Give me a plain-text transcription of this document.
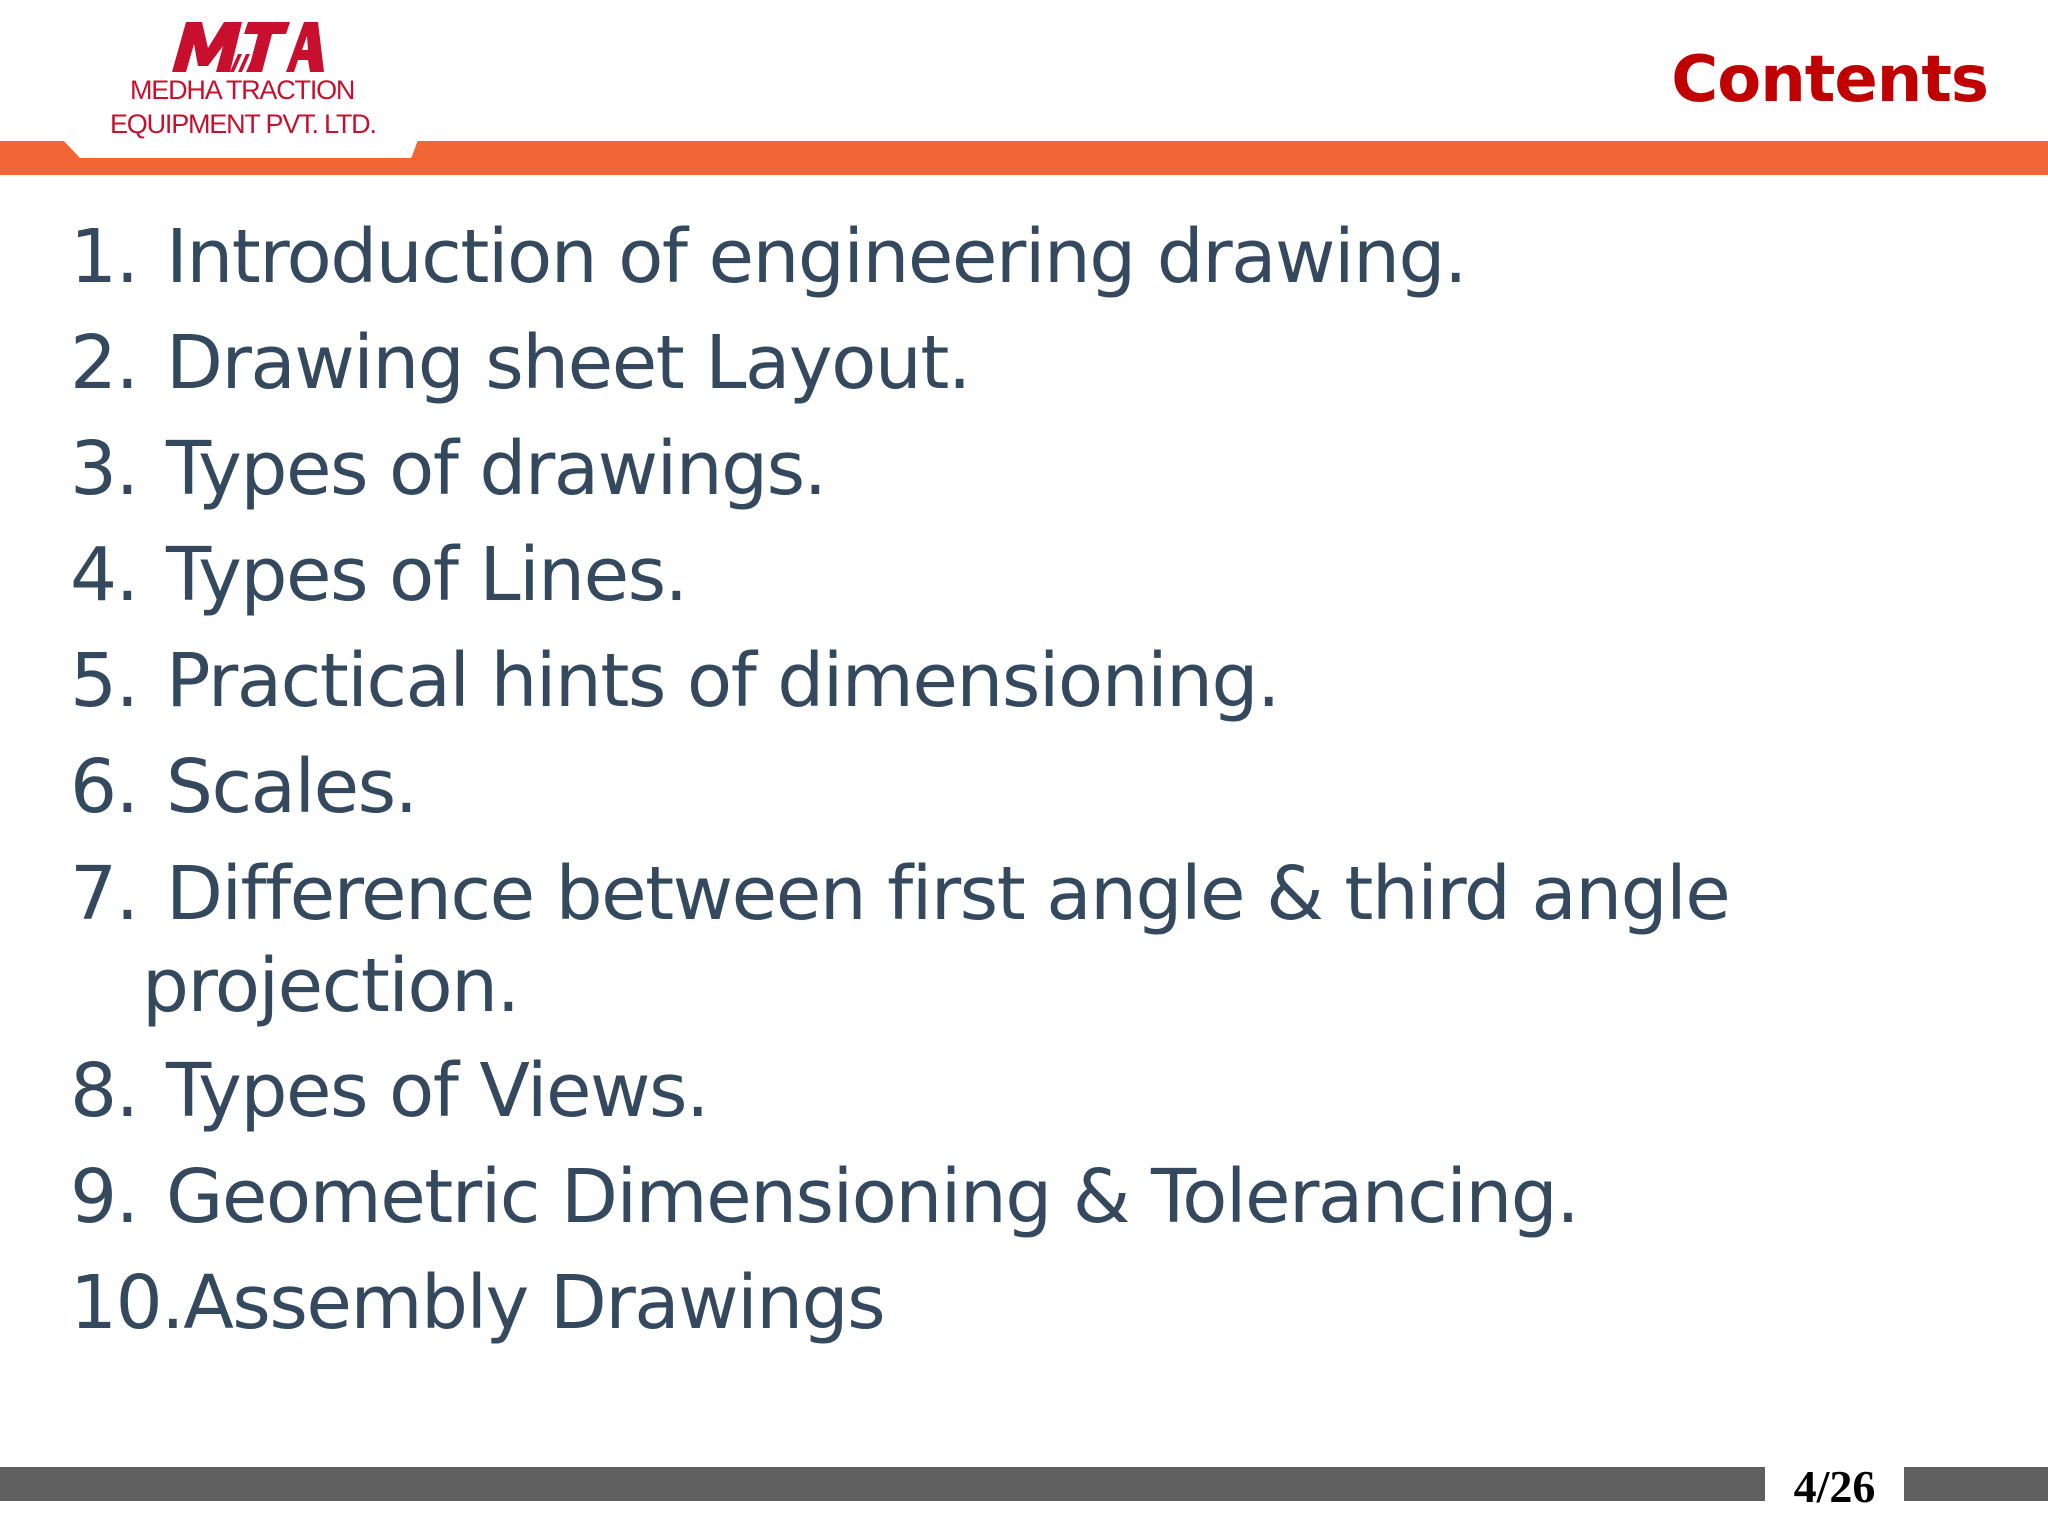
MEDHA TRACTION
EQUIPMENT PVT. LTD.
Contents
1. Introduction of engineering drawing.
2. Drawing sheet Layout.
3. Types of drawings.
4. Types of Lines.
5. Practical hints of dimensioning.
6. Scales.
7. Difference between first angle & third angle
projection.
8. Types of Views.
9. Geometric Dimensioning & Tolerancing.
10. Assembly Drawings
4/26
